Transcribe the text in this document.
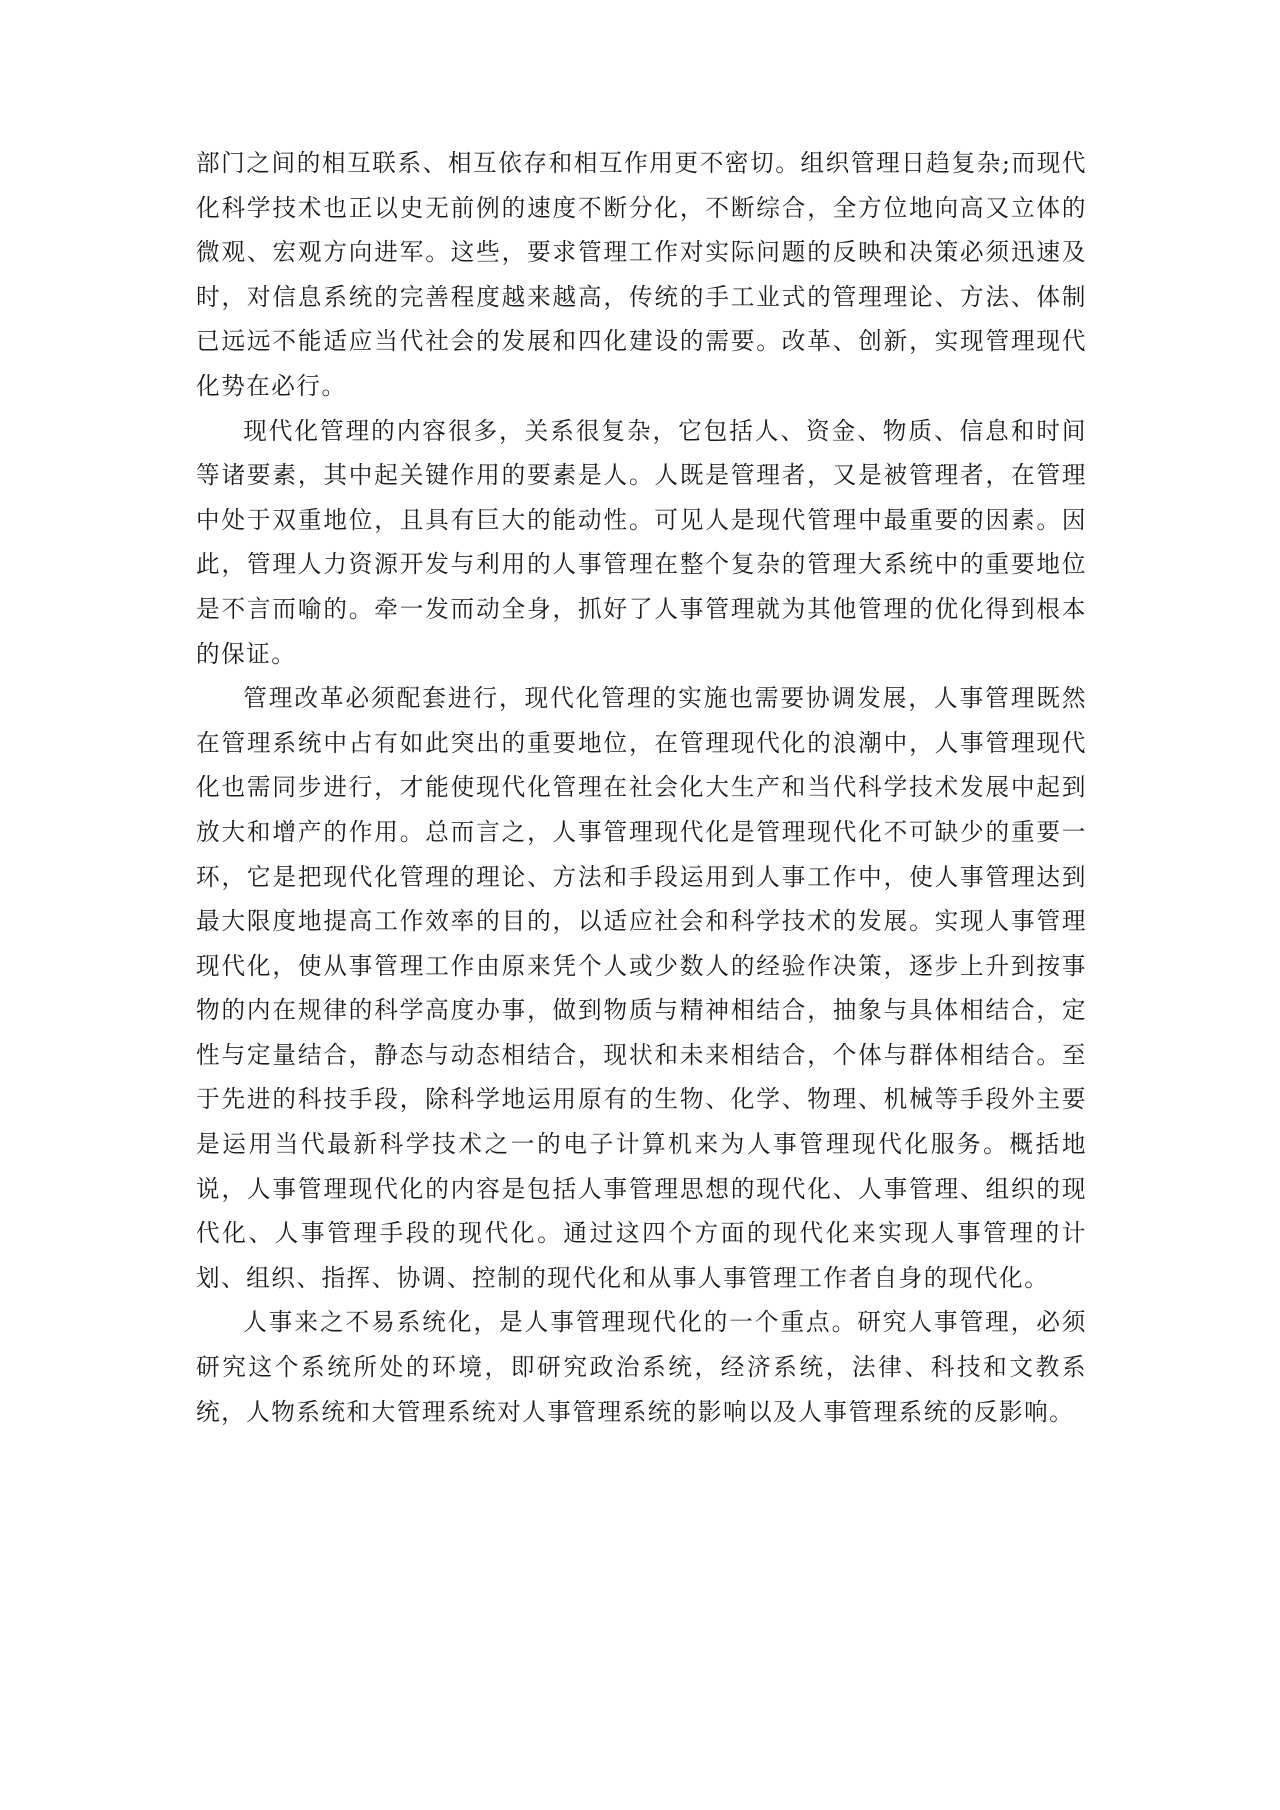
部门之间的相互联系、相互依存和相互作用更不密切。组织管理日趋复杂;而现代化科学技术也正以史无前例的速度不断分化，不断综合，全方位地向高又立体的微观、宏观方向进军。这些，要求管理工作对实际问题的反映和决策必须迅速及时，对信息系统的完善程度越来越高，传统的手工业式的管理理论、方法、体制已远远不能适应当代社会的发展和四化建设的需要。改革、创新，实现管理现代化势在必行。

现代化管理的内容很多，关系很复杂，它包括人、资金、物质、信息和时间等诸要素，其中起关键作用的要素是人。人既是管理者，又是被管理者，在管理中处于双重地位，且具有巨大的能动性。可见人是现代管理中最重要的因素。因此，管理人力资源开发与利用的人事管理在整个复杂的管理大系统中的重要地位是不言而喻的。牵一发而动全身，抓好了人事管理就为其他管理的优化得到根本的保证。

管理改革必须配套进行，现代化管理的实施也需要协调发展，人事管理既然在管理系统中占有如此突出的重要地位，在管理现代化的浪潮中，人事管理现代化也需同步进行，才能使现代化管理在社会化大生产和当代科学技术发展中起到放大和增产的作用。总而言之，人事管理现代化是管理现代化不可缺少的重要一环，它是把现代化管理的理论、方法和手段运用到人事工作中，使人事管理达到最大限度地提高工作效率的目的，以适应社会和科学技术的发展。实现人事管理现代化，使从事管理工作由原来凭个人或少数人的经验作决策，逐步上升到按事物的内在规律的科学高度办事，做到物质与精神相结合，抽象与具体相结合，定性与定量结合，静态与动态相结合，现状和未来相结合，个体与群体相结合。至于先进的科技手段，除科学地运用原有的生物、化学、物理、机械等手段外主要是运用当代最新科学技术之一的电子计算机来为人事管理现代化服务。概括地说，人事管理现代化的内容是包括人事管理思想的现代化、人事管理、组织的现代化、人事管理手段的现代化。通过这四个方面的现代化来实现人事管理的计划、组织、指挥、协调、控制的现代化和从事人事管理工作者自身的现代化。

人事来之不易系统化，是人事管理现代化的一个重点。研究人事管理，必须研究这个系统所处的环境，即研究政治系统，经济系统，法律、科技和文教系统，人物系统和大管理系统对人事管理系统的影响以及人事管理系统的反影响。
